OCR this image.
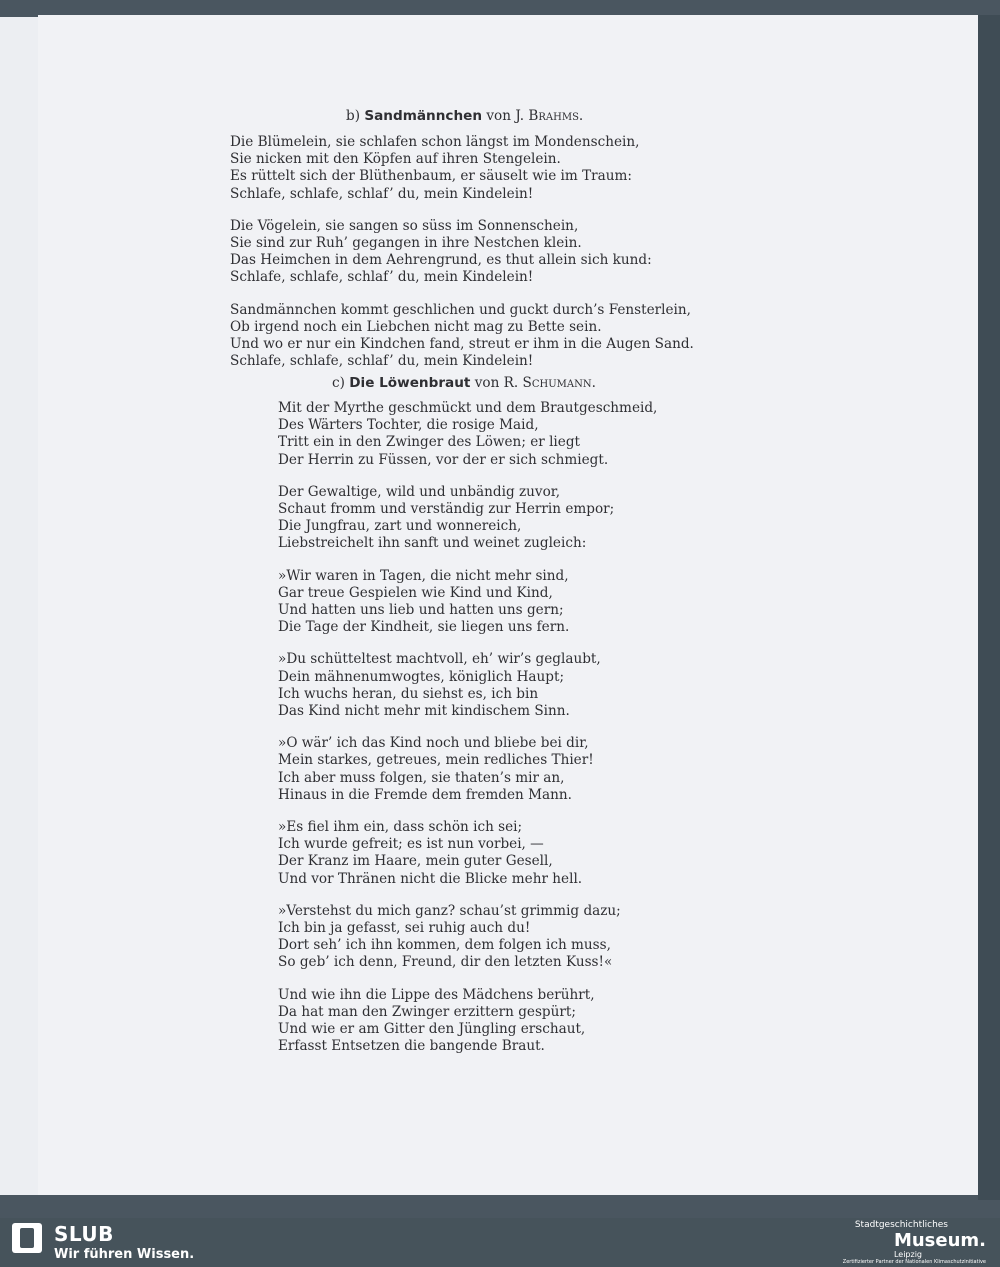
b) Sandmännchen von J. Brahms.
Die Blümelein, sie schlafen schon längst im Mondenschein,
Sie nicken mit den Köpfen auf ihren Stengelein.
Es rüttelt sich der Blüthenbaum, er säuselt wie im Traum:
Schlafe, schlafe, schlaf’ du, mein Kindelein!
Die Vögelein, sie sangen so süss im Sonnenschein,
Sie sind zur Ruh’ gegangen in ihre Nestchen klein.
Das Heimchen in dem Aehrengrund, es thut allein sich kund:
Schlafe, schlafe, schlaf’ du, mein Kindelein!
Sandmännchen kommt geschlichen und guckt durch’s Fensterlein,
Ob irgend noch ein Liebchen nicht mag zu Bette sein.
Und wo er nur ein Kindchen fand, streut er ihm in die Augen Sand.
Schlafe, schlafe, schlaf’ du, mein Kindelein!
c) Die Löwenbraut von R. Schumann.
Mit der Myrthe geschmückt und dem Brautgeschmeid,
Des Wärters Tochter, die rosige Maid,
Tritt ein in den Zwinger des Löwen; er liegt
Der Herrin zu Füssen, vor der er sich schmiegt.
Der Gewaltige, wild und unbändig zuvor,
Schaut fromm und verständig zur Herrin empor;
Die Jungfrau, zart und wonnereich,
Liebstreichelt ihn sanft und weinet zugleich:
»Wir waren in Tagen, die nicht mehr sind,
Gar treue Gespielen wie Kind und Kind,
Und hatten uns lieb und hatten uns gern;
Die Tage der Kindheit, sie liegen uns fern.
»Du schütteltest machtvoll, eh’ wir’s geglaubt,
Dein mähnenumwogtes, königlich Haupt;
Ich wuchs heran, du siehst es, ich bin
Das Kind nicht mehr mit kindischem Sinn.
»O wär’ ich das Kind noch und bliebe bei dir,
Mein starkes, getreues, mein redliches Thier!
Ich aber muss folgen, sie thaten’s mir an,
Hinaus in die Fremde dem fremden Mann.
»Es fiel ihm ein, dass schön ich sei;
Ich wurde gefreit; es ist nun vorbei, —
Der Kranz im Haare, mein guter Gesell,
Und vor Thränen nicht die Blicke mehr hell.
»Verstehst du mich ganz? schau’st grimmig dazu;
Ich bin ja gefasst, sei ruhig auch du!
Dort seh’ ich ihn kommen, dem folgen ich muss,
So geb’ ich denn, Freund, dir den letzten Kuss!«
Und wie ihn die Lippe des Mädchens berührt,
Da hat man den Zwinger erzittern gespürt;
Und wie er am Gitter den Jüngling erschaut,
Erfasst Entsetzen die bangende Braut.
SLUB
Wir führen Wissen.
Stadtgeschichtliches
Museum.
Leipzig
Zertifizierter Partner der Nationalen Klimaschutzinitiative
